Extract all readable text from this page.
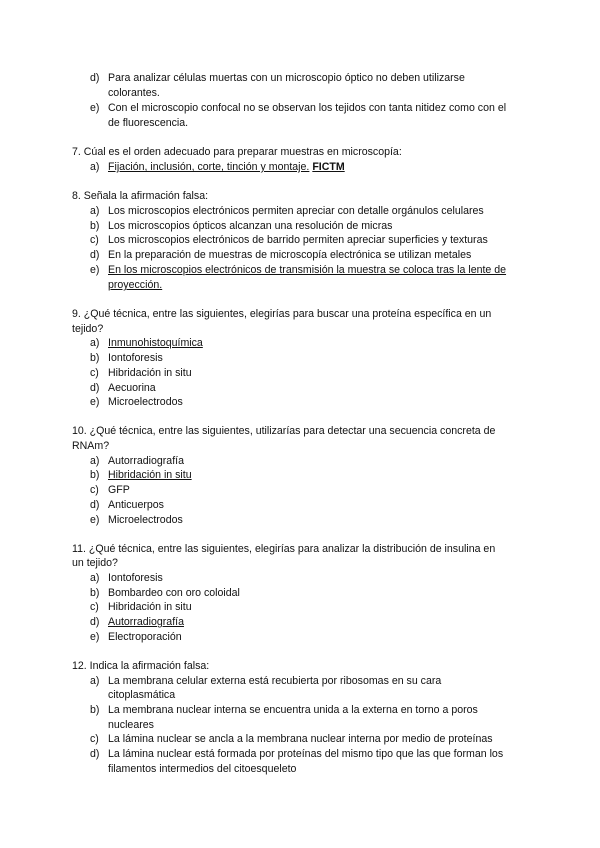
d) Para analizar células muertas con un microscopio óptico no deben utilizarse
colorantes.
e) Con el microscopio confocal no se observan los tejidos con tanta nitidez como con el
de fluorescencia.
7. Cúal es el orden adecuado para preparar muestras en microscopía:
a) Fijación, inclusión, corte, tinción y montaje. FICTM
8. Señala la afirmación falsa:
a) Los microscopios electrónicos permiten apreciar con detalle orgánulos celulares
b) Los microscopios ópticos alcanzan una resolución de micras
c) Los microscopios electrónicos de barrido permiten apreciar superficies y texturas
d) En la preparación de muestras de microscopía electrónica se utilizan metales
e) En los microscopios electrónicos de transmisión la muestra se coloca tras la lente de
proyección.
9. ¿Qué técnica, entre las siguientes, elegirías para buscar una proteína específica en un
tejido?
a) Inmunohistoquímica
b) Iontoforesis
c) Hibridación in situ
d) Aecuorina
e) Microelectrodos
10. ¿Qué técnica, entre las siguientes, utilizarías para detectar una secuencia concreta de
RNAm?
a) Autorradiografía
b) Hibridación in situ
c) GFP
d) Anticuerpos
e) Microelectrodos
11. ¿Qué técnica, entre las siguientes, elegirías para analizar la distribución de insulina en
un tejido?
a) Iontoforesis
b) Bombardeo con oro coloidal
c) Hibridación in situ
d) Autorradiografía
e) Electroporación
12. Indica la afirmación falsa:
a) La membrana celular externa está recubierta por ribosomas en su cara
citoplasmática
b) La membrana nuclear interna se encuentra unida a la externa en torno a poros
nucleares
c) La lámina nuclear se ancla a la membrana nuclear interna por medio de proteínas
d) La lámina nuclear está formada por proteínas del mismo tipo que las que forman los
filamentos intermedios del citoesqueleto
